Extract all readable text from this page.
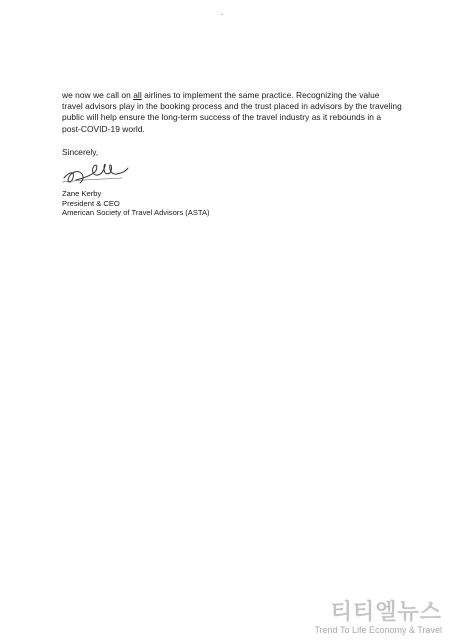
we now we call on all airlines to implement the same practice. Recognizing the value travel advisors play in the booking process and the trust placed in advisors by the traveling public will help ensure the long-term success of the travel industry as it rebounds in a post-COVID-19 world.

Sincerely,
Zane Kerby
President & CEO
American Society of Travel Advisors (ASTA)
티티엘뉴스
Trend To Life Economy & Travel
